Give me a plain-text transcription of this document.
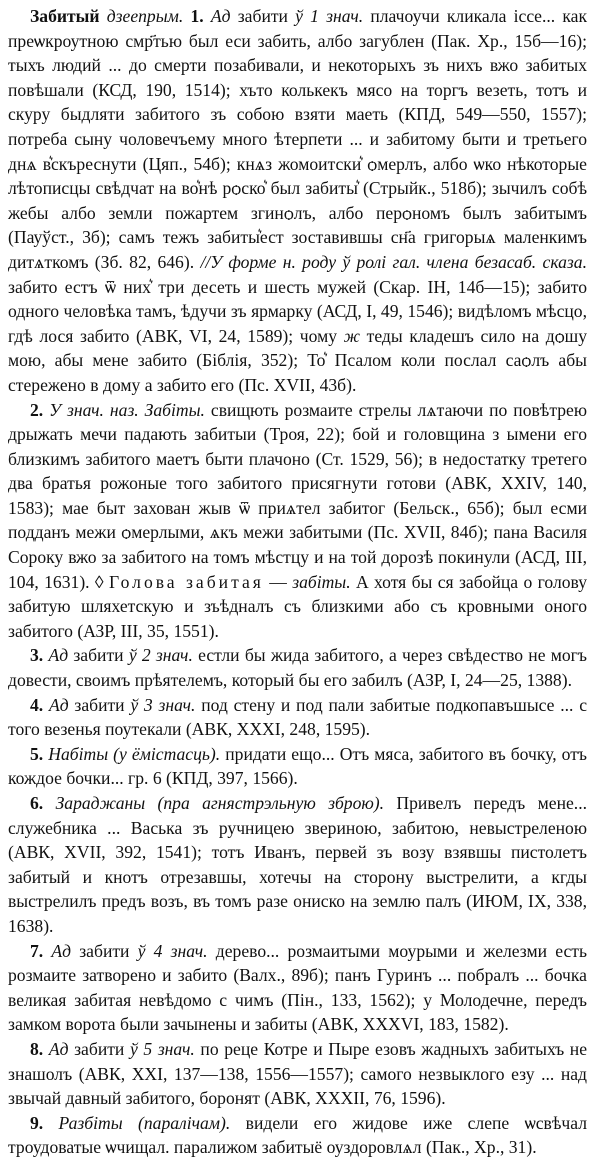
Забитый дзеепрым. 1. Ад забити ў 1 знач. плачоучи кликала ісcе... как преѡкроутною смр҃тью был еси забить, албо загублен (Пак. Хр., 15б—16); тыхъ людий ... до смерти позабивали, и некоторыхъ зъ нихъ вжо забитых повѣшали (КСД, 190, 1514); хъто колькекъ мясо на торгъ везеть, тотъ и скуру быдляти забитого зъ собою взяти маеть (КПД, 549—550, 1557); потреба сыну чоловечъему много ѣтерпети ... и забитому быти и третьего днѧ в͛скъреснути (Цяп., 54б); кнѧз жомоитски͛ ѻмерлъ, албо ѡко нѣкоторые лѣтописцы свѣдчат на во͛нѣ рѻско͛ был забиты͛ (Стрыйк., 518б); зычилъ собѣ жебы албо земли пожартем згинѻлъ, албо перѻномъ былъ забитымъ (Пауўст., 3б); самъ тежъ забиты͛ест зоставившы сн҃а григорыѧ маленкимъ дитѧткомъ (Зб. 82, 646). //У форме н. роду ў ролі гал. члена безасаб. сказа. забито естъ ѿ них͛ три десеть и шесть мужей (Скар. IН, 14б—15); забито одного человѣка тамъ, ѣдучи зъ ярмарку (АСД, I, 49, 1546); видѣломъ мѣсцо, гдѣ лося забито (АВК, VI, 24, 1589); чому ж теды кладешъ сило на дѻшу мою, абы мене забито (Біблія, 352); То͛ Псалом коли послал саѻлъ абы стережено в дому а забито его (Пс. XVII, 43б).

2. У знач. наз. Забіты. свищють розмаите стрелы лѧтаючи по повѣтрею дрыжать мечи падають забитыи (Троя, 22); бой и головщина з ымени его близкимъ забитого маетъ быти плачоно (Ст. 1529, 56); в недостатку третего два братья рожоные того забитого присягнути готови (АВК, XXIV, 140, 1583); мае быт захован жыв ѿ приѧтел забитог (Бельск., 65б); был есми подданъ межи ѻмерлыми, ѧкъ межи забитыми (Пс. XVII, 84б); пана Василя Сороку вжо за забитого на томъ мѣстцу и на той дорозѣ покинули (АСД, III, 104, 1631). ◊ Голова забитая — забіты. А хотя бы ся забойца о голову забитую шляхетскую и зъѣдналъ съ близкими або съ кровными оного забитого (АЗР, III, 35, 1551).

3. Ад забити ў 2 знач. естли бы жида забитого, а через свѣдество не могъ довести, своимъ прѣятелемъ, который бы его забилъ (АЗР, I, 24—25, 1388).

4. Ад забити ў 3 знач. под стену и под пали забитые подкопавъшысе ... с того везенья поутекали (АВК, XXXI, 248, 1595).

5. Набіты (у ёмістасць). придати ещо... Отъ мяса, забитого въ бочку, отъ кождое бочки... гр. 6 (КПД, 397, 1566).

6. Зараджаны (пра агнястрэльную зброю). Привелъ передъ мене... служебника ... Васька зъ ручницею звериною, забитою, невыстреленою (АВК, XVII, 392, 1541); тотъ Иванъ, первей зъ возу взявшы пистолетъ забитый и кнотъ отрезавшы, хотечы на сторону выстрелити, а кгды выстрелилъ предъ возъ, въ томъ разе ониско на землю палъ (ИЮМ, IX, 338, 1638).

7. Ад забити ў 4 знач. дерево... розмаитыми моурыми и железми есть розмаите затворено и забито (Валх., 89б); панъ Гуринъ ... побралъ ... бочка великая забитая невѣдомо с чимъ (Пін., 133, 1562); у Молодечне, передъ замком ворота были зачынены и забиты (АВК, XXXVI, 183, 1582).

8. Ад забити ў 5 знач. по реце Котре и Пыре езовъ жадныхъ забитыхъ не знашолъ (АВК, XXI, 137—138, 1556—1557); самого незвыклого езу ... над звычай давный забитого, боронят (АВК, XXXII, 76, 1596).

9. Разбіты (паралічам). видели его жидове иже слепе ѡсвѣчал троудоватые ѡчищал. паралижом забитыё оуздоровлѧл (Пак., Хр., 31).
